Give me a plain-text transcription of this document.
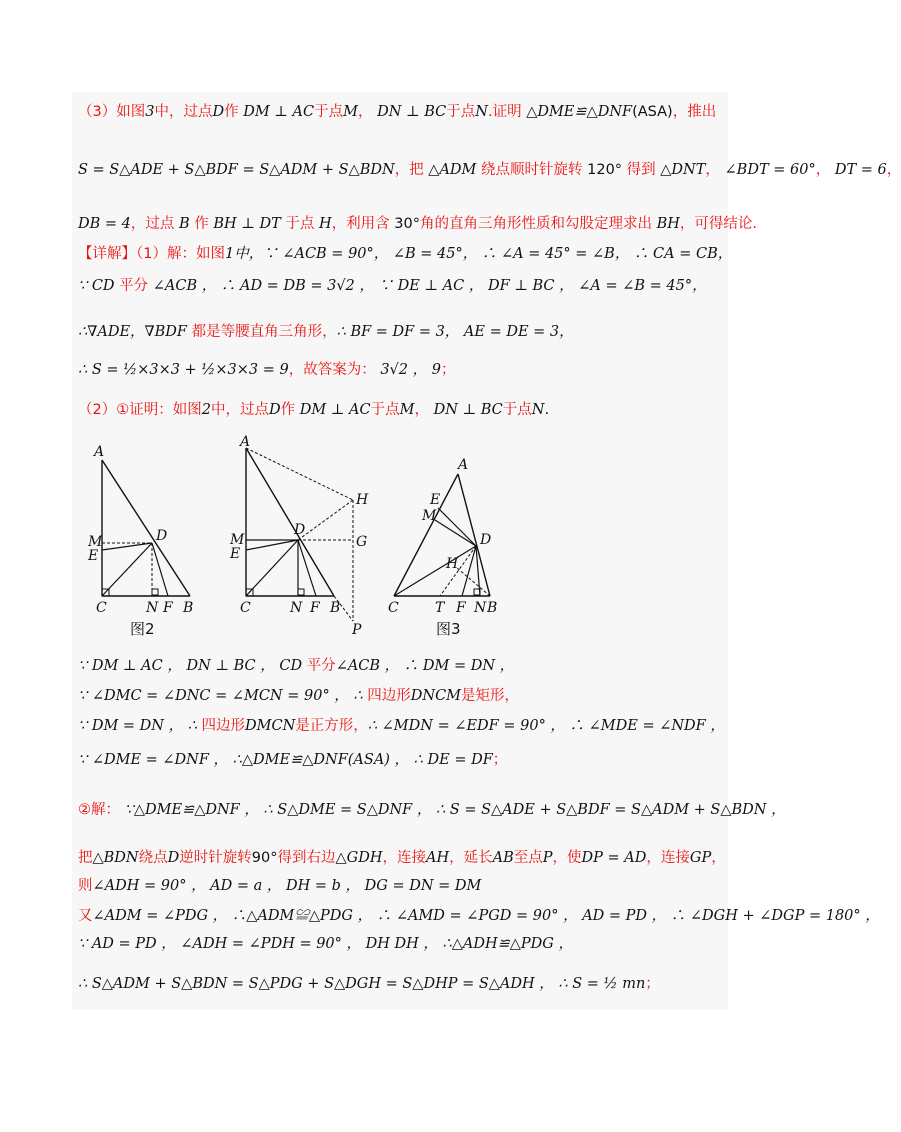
（3）如图3中，过点D作 DM ⊥ AC于点M， DN ⊥ BC于点N.证明 △DME≌△DNF(ASA)，推出
S = S△ADE + S△BDF = S△ADM + S△BDN，把 △ADM 绕点顺时针旋转 120° 得到 △DNT， ∠BDT = 60°， DT = 6，
DB = 4，过点 B 作 BH ⊥ DT 于点 H，利用含 30°角的直角三角形性质和勾股定理求出 BH，可得结论.
【详解】（1）解：如图1中，∵ ∠ACB = 90°， ∠B = 45°， ∴ ∠A = 45° = ∠B， ∴ CA = CB，
∵ CD 平分 ∠ACB ， ∴ AD = DB = 3√2 ， ∵ DE ⊥ AC ， DF ⊥ BC ， ∠A = ∠B = 45°，
∴∇ADE，∇BDF 都是等腰直角三角形，∴ BF = DF = 3， AE = DE = 3，
∴ S = ½×3×3 + ½×3×3 = 9，故答案为： 3√2 ， 9；
（2）①证明：如图2中，过点D作 DM ⊥ AC于点M， DN ⊥ BC于点N.
A
D
M
E
C	N F B
图2
A
H
D
G
M
E
C	N F B
P
A
E
M
D
H
C	T F N B
图3
∵ DM ⊥ AC ， DN ⊥ BC ， CD 平分∠ACB ， ∴ DM = DN ，
∵ ∠DMC = ∠DNC = ∠MCN = 90° ， ∴ 四边形DNCM是矩形，
∵ DM = DN ， ∴ 四边形DMCN是正方形，∴ ∠MDN = ∠EDF = 90° ， ∴ ∠MDE = ∠NDF ，
∵ ∠DME = ∠DNF ， ∴△DME≌△DNF(ASA) ， ∴ DE = DF；
②解： ∵△DME≌△DNF ， ∴ S△DME = S△DNF ， ∴ S = S△ADE + S△BDF = S△ADM + S△BDN ，
把△BDN绕点D逆时针旋转90°得到右边△GDH，连接AH，延长AB至点P，使DP = AD，连接GP，
则∠ADH = 90° ， AD = a ， DH = b ， DG = DN = DM
又∠ADM = ∠PDG ， ∴△ADM≌△PDG ， ∴ ∠AMD = ∠PGD = 90° ， AD = PD ， ∴ ∠DGH + ∠DGP = 180° ，
∵ AD = PD ， ∠ADH = ∠PDH = 90° ， DH DH ， ∴△ADH≌△PDG ，
∴ S△ADM + S△BDN = S△PDG + S△DGH = S△DHP = S△ADH ， ∴ S = ½ mn；
